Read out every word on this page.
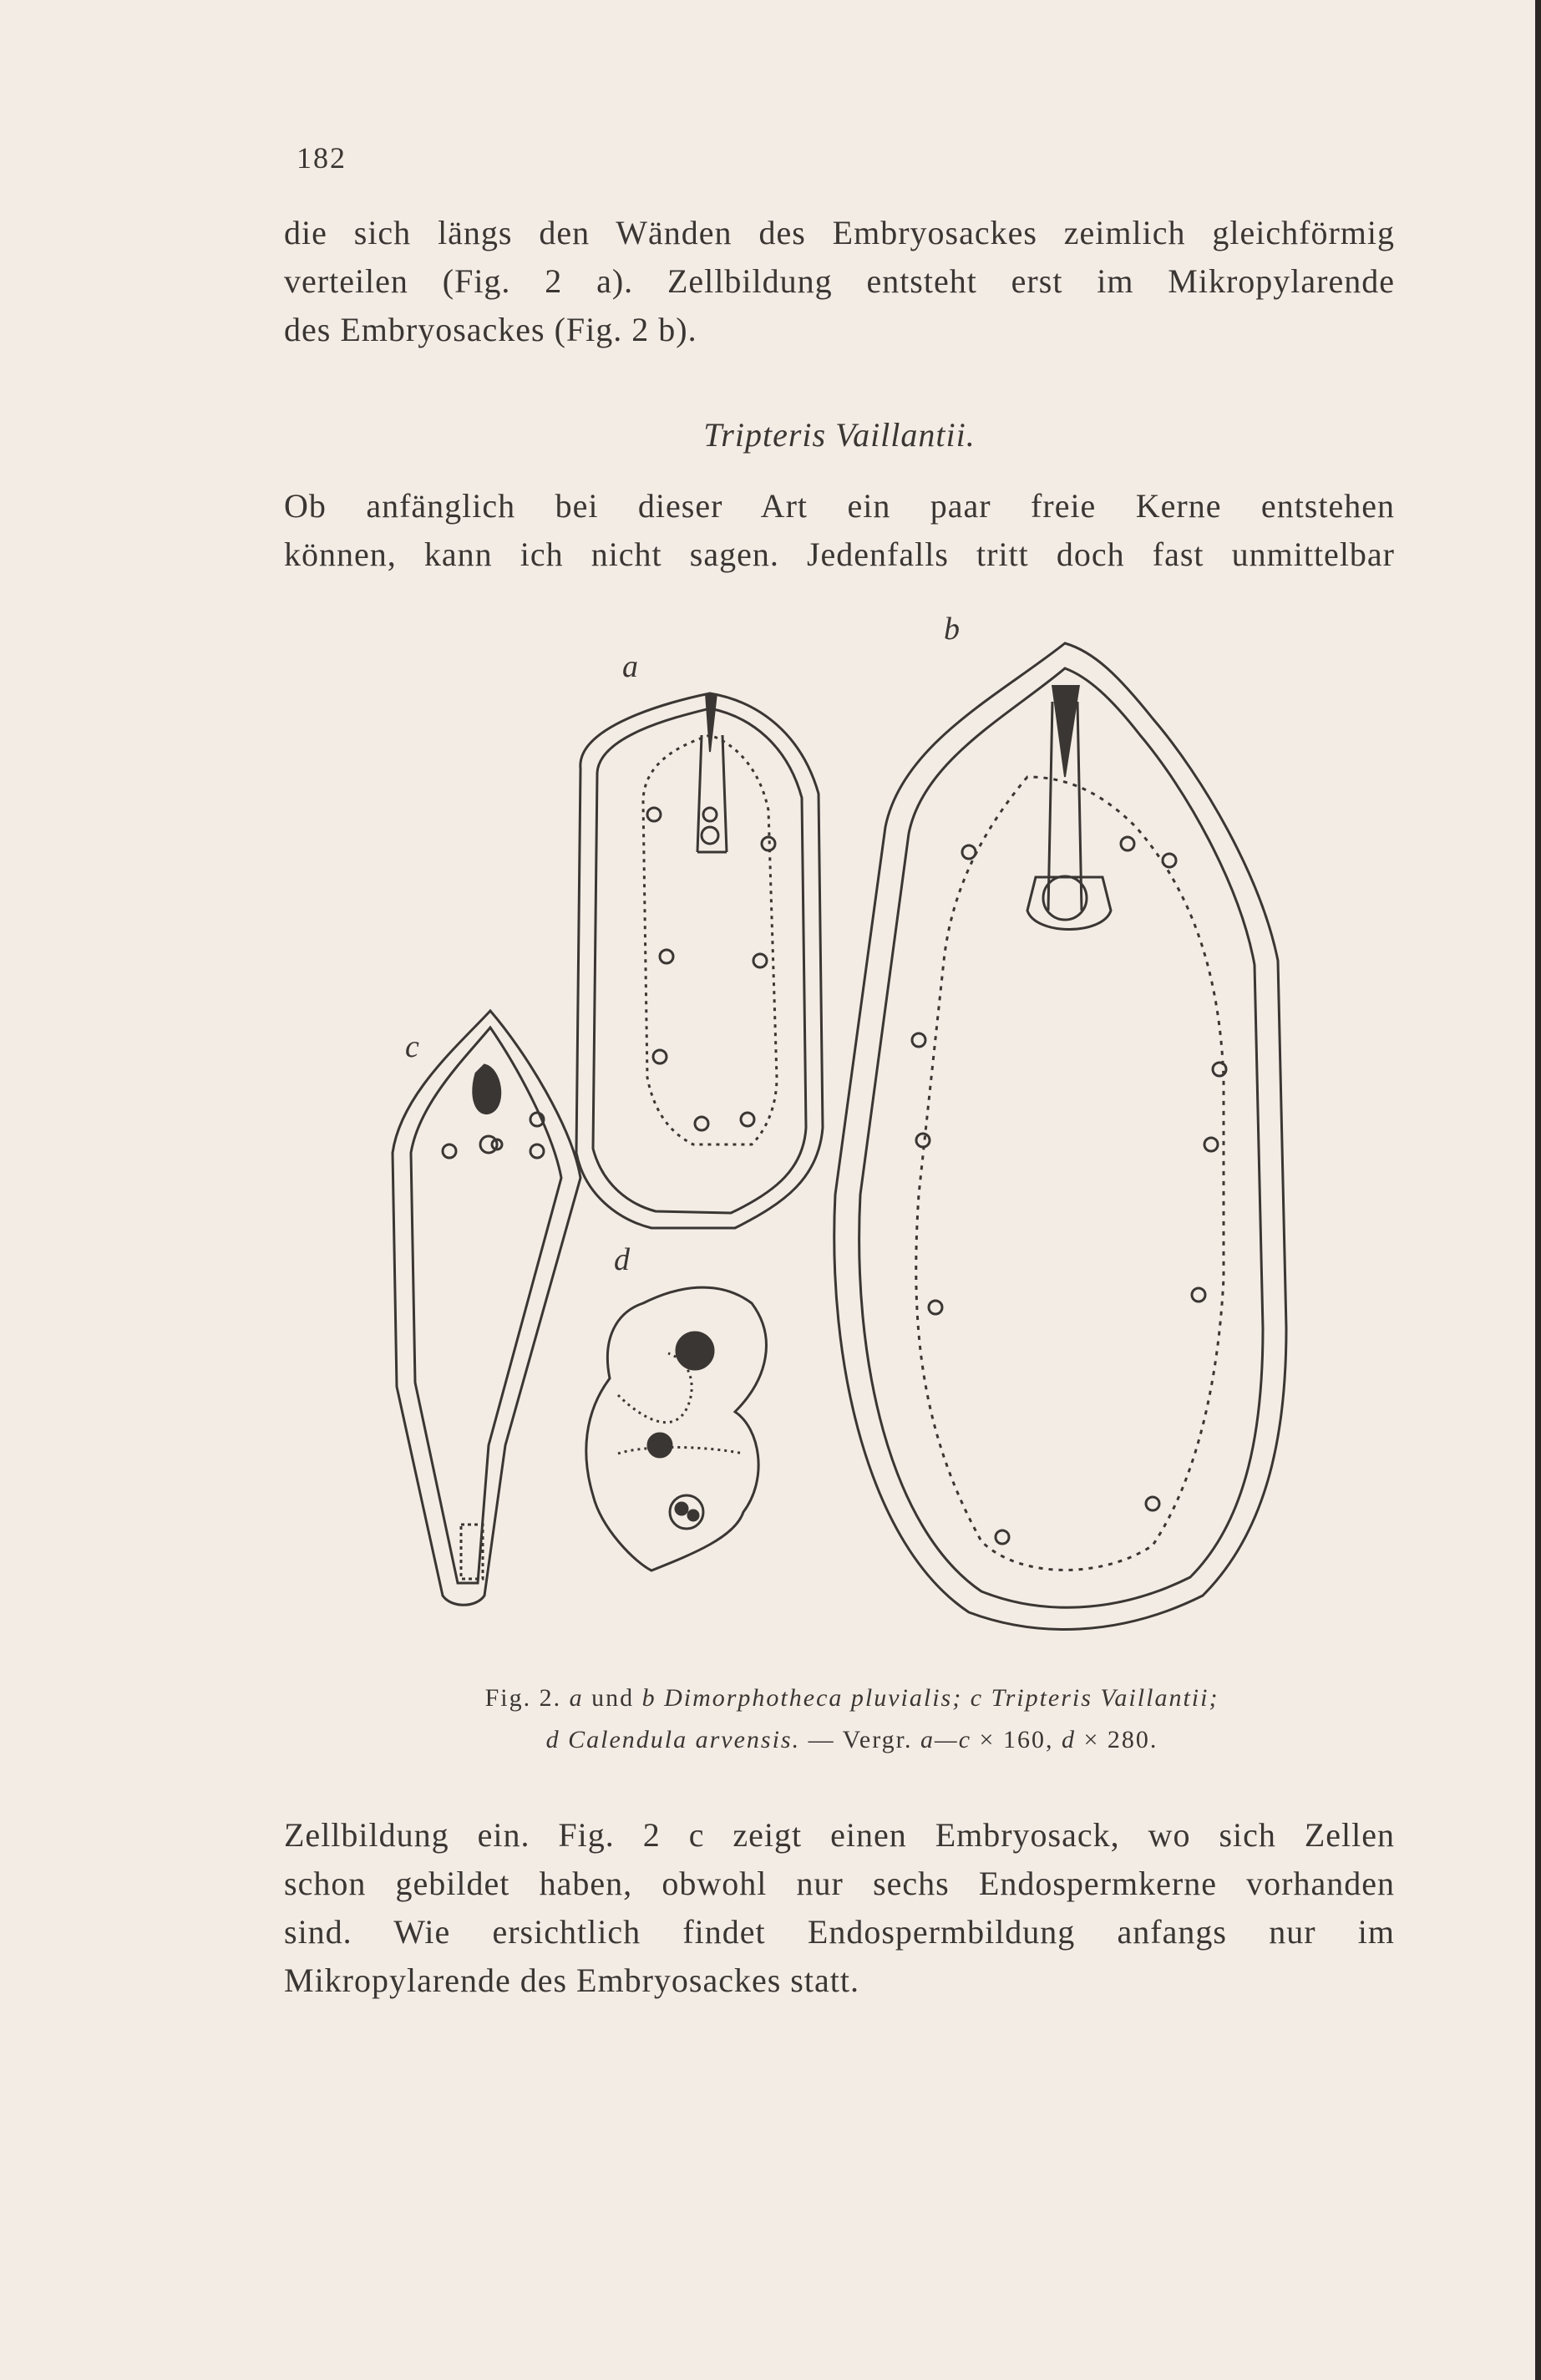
182
die sich längs den Wänden des Embryosackes zeimlich gleichförmig
verteilen (Fig. 2 a). Zellbildung entsteht erst im Mikropylarende
des Embryosackes (Fig. 2 b).
Tripteris Vaillantii.
Ob anfänglich bei dieser Art ein paar freie Kerne entstehen
können, kann ich nicht sagen. Jedenfalls tritt doch fast unmittelbar
a
b
c
d
Fig. 2. a und b Dimorphotheca pluvialis; c Tripteris Vaillantii;
d Calendula arvensis. — Vergr. a—c × 160, d × 280.
Zellbildung ein. Fig. 2 c zeigt einen Embryosack, wo sich Zellen
schon gebildet haben, obwohl nur sechs Endospermkerne vorhanden
sind. Wie ersichtlich findet Endospermbildung anfangs nur im
Mikropylarende des Embryosackes statt.
